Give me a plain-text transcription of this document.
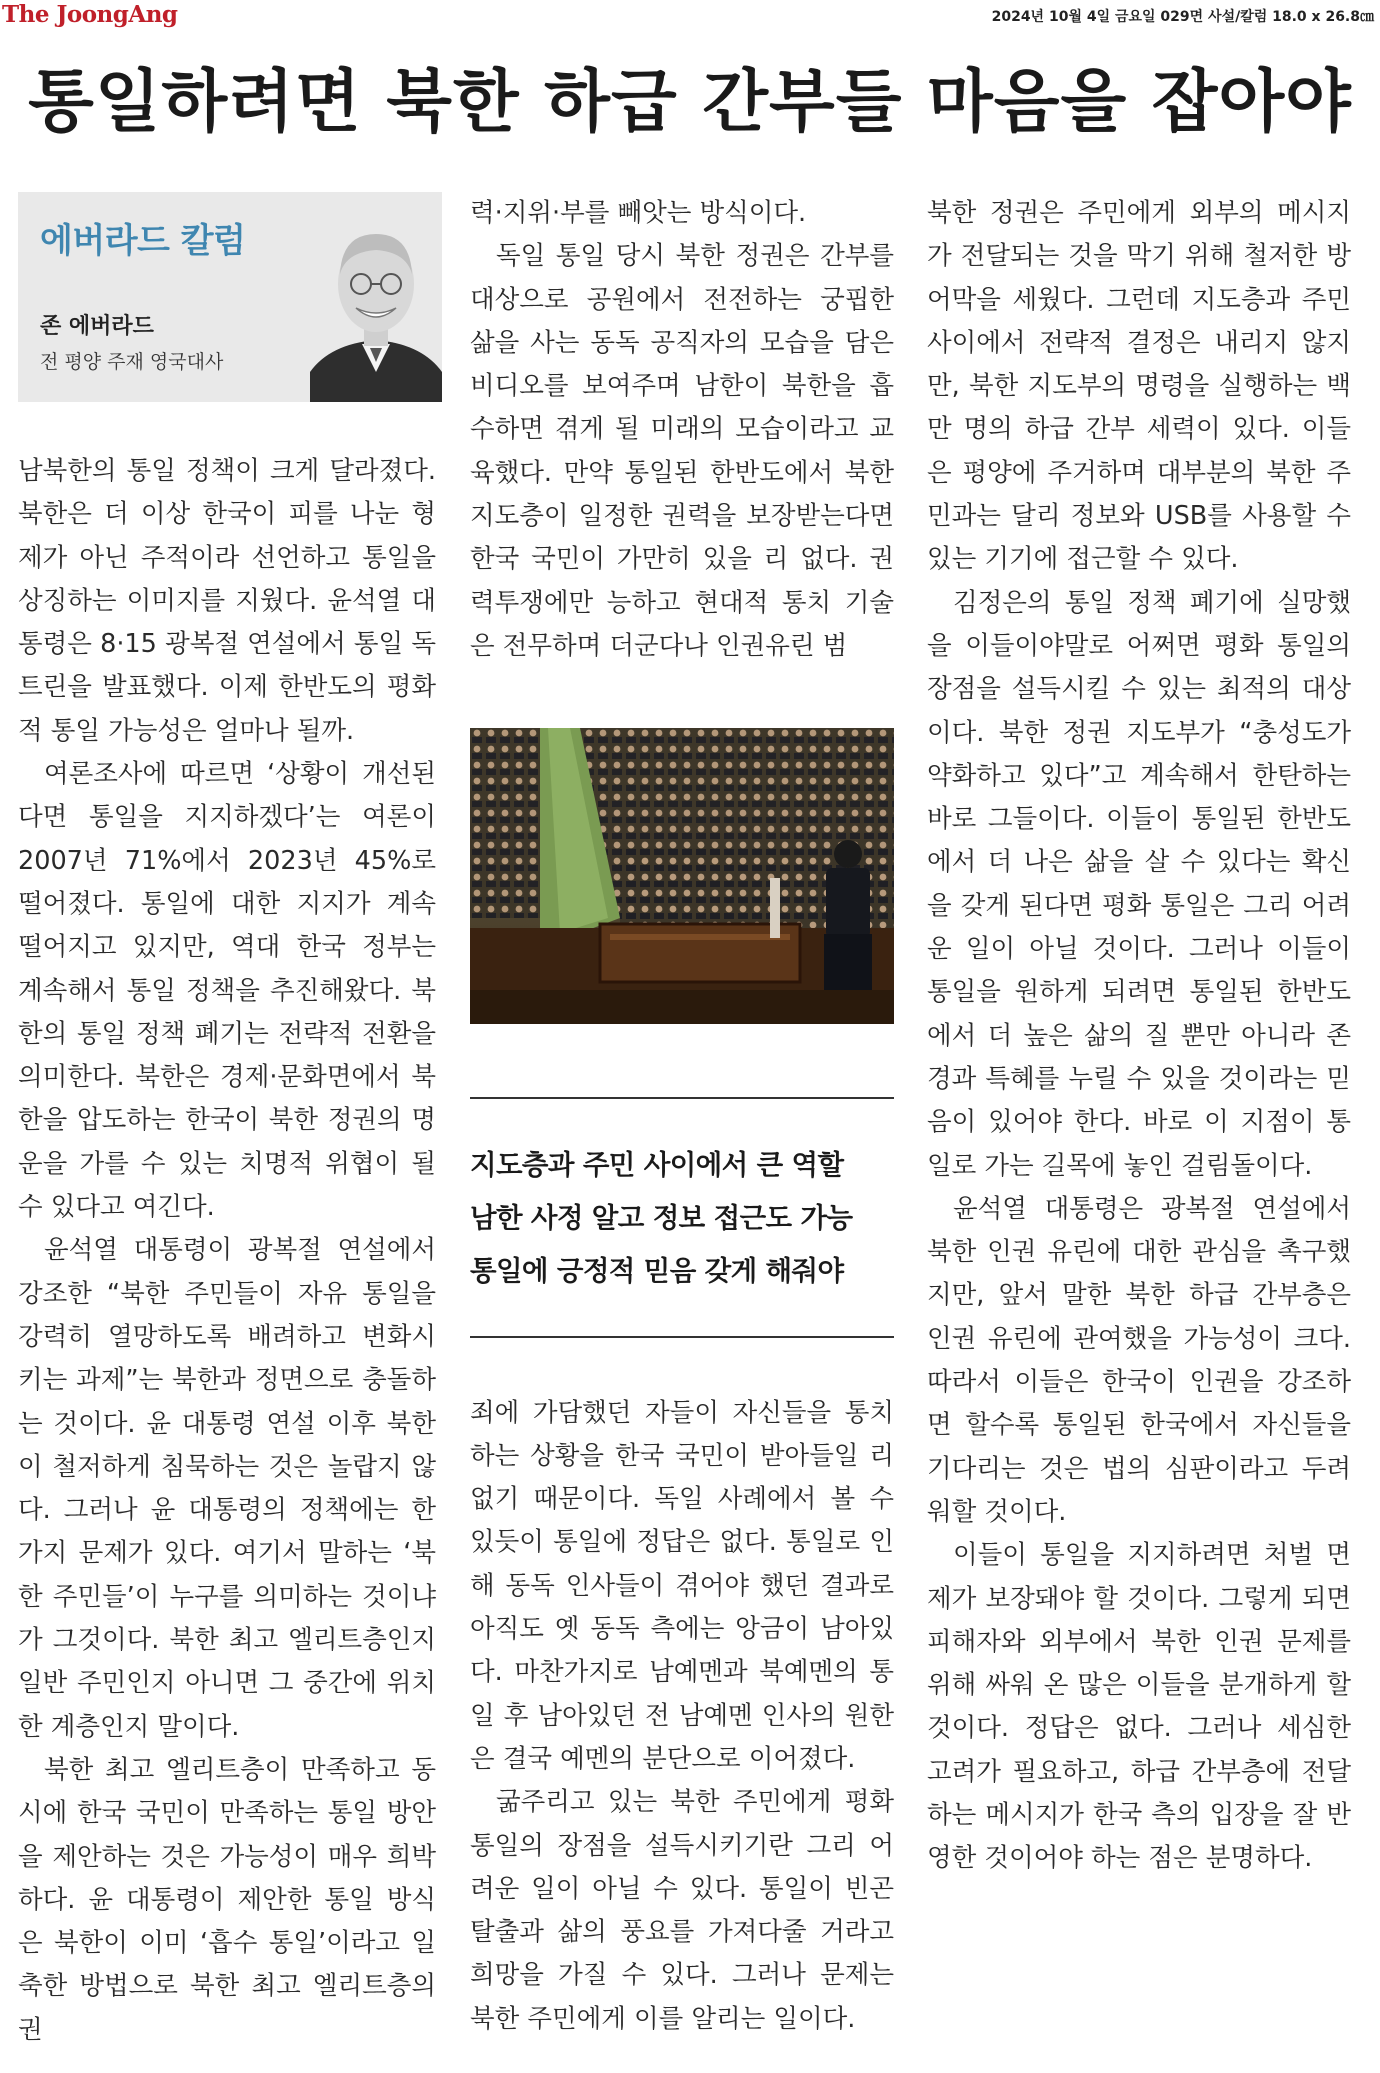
The JoongAng	2024년 10월 4일 금요일 029면 사설/칼럼 18.0 x 26.8㎝
통일하려면 북한 하급 간부들 마음을 잡아야
에버라드 칼럼
존 에버라드
전 평양 주재 영국대사

남북한의 통일 정책이 크게 달라졌다. 북한은 더 이상 한국이 피를 나눈 형제가 아닌 주적이라 선언하고 통일을 상징하는 이미지를 지웠다. 윤석열 대통령은 8·15 광복절 연설에서 통일 독트린을 발표했다. 이제 한반도의 평화적 통일 가능성은 얼마나 될까.

여론조사에 따르면 ‘상황이 개선된다면 통일을 지지하겠다’는 여론이 2007년 71%에서 2023년 45%로 떨어졌다. 통일에 대한 지지가 계속 떨어지고 있지만, 역대 한국 정부는 계속해서 통일 정책을 추진해왔다. 북한의 통일 정책 폐기는 전략적 전환을 의미한다. 북한은 경제·문화면에서 북한을 압도하는 한국이 북한 정권의 명운을 가를 수 있는 치명적 위협이 될 수 있다고 여긴다.

윤석열 대통령이 광복절 연설에서 강조한 “북한 주민들이 자유 통일을 강력히 열망하도록 배려하고 변화시키는 과제”는 북한과 정면으로 충돌하는 것이다. 윤 대통령 연설 이후 북한이 철저하게 침묵하는 것은 놀랍지 않다. 그러나 윤 대통령의 정책에는 한 가지 문제가 있다. 여기서 말하는 ‘북한 주민들’이 누구를 의미하는 것이냐가 그것이다. 북한 최고 엘리트층인지 일반 주민인지 아니면 그 중간에 위치한 계층인지 말이다.

북한 최고 엘리트층이 만족하고 동시에 한국 국민이 만족하는 통일 방안을 제안하는 것은 가능성이 매우 희박하다. 윤 대통령이 제안한 통일 방식은 북한이 이미 ‘흡수 통일’이라고 일축한 방법으로 북한 최고 엘리트층의 권

력·지위·부를 빼앗는 방식이다.

독일 통일 당시 북한 정권은 간부를 대상으로 공원에서 전전하는 궁핍한 삶을 사는 동독 공직자의 모습을 담은 비디오를 보여주며 남한이 북한을 흡수하면 겪게 될 미래의 모습이라고 교육했다. 만약 통일된 한반도에서 북한 지도층이 일정한 권력을 보장받는다면 한국 국민이 가만히 있을 리 없다. 권력투쟁에만 능하고 현대적 통치 기술은 전무하며 더군다나 인권유린 범

지도층과 주민 사이에서 큰 역할
남한 사정 알고 정보 접근도 가능
통일에 긍정적 믿음 갖게 해줘야

죄에 가담했던 자들이 자신들을 통치하는 상황을 한국 국민이 받아들일 리 없기 때문이다. 독일 사례에서 볼 수 있듯이 통일에 정답은 없다. 통일로 인해 동독 인사들이 겪어야 했던 결과로 아직도 옛 동독 측에는 앙금이 남아있다. 마찬가지로 남예멘과 북예멘의 통일 후 남아있던 전 남예멘 인사의 원한은 결국 예멘의 분단으로 이어졌다.

굶주리고 있는 북한 주민에게 평화 통일의 장점을 설득시키기란 그리 어려운 일이 아닐 수 있다. 통일이 빈곤 탈출과 삶의 풍요를 가져다줄 거라고 희망을 가질 수 있다. 그러나 문제는 북한 주민에게 이를 알리는 일이다.

북한 정권은 주민에게 외부의 메시지가 전달되는 것을 막기 위해 철저한 방어막을 세웠다. 그런데 지도층과 주민 사이에서 전략적 결정은 내리지 않지만, 북한 지도부의 명령을 실행하는 백만 명의 하급 간부 세력이 있다. 이들은 평양에 주거하며 대부분의 북한 주민과는 달리 정보와 USB를 사용할 수 있는 기기에 접근할 수 있다.

김정은의 통일 정책 폐기에 실망했을 이들이야말로 어쩌면 평화 통일의 장점을 설득시킬 수 있는 최적의 대상이다. 북한 정권 지도부가 “충성도가 약화하고 있다”고 계속해서 한탄하는 바로 그들이다. 이들이 통일된 한반도에서 더 나은 삶을 살 수 있다는 확신을 갖게 된다면 평화 통일은 그리 어려운 일이 아닐 것이다. 그러나 이들이 통일을 원하게 되려면 통일된 한반도에서 더 높은 삶의 질 뿐만 아니라 존경과 특혜를 누릴 수 있을 것이라는 믿음이 있어야 한다. 바로 이 지점이 통일로 가는 길목에 놓인 걸림돌이다.

윤석열 대통령은 광복절 연설에서 북한 인권 유린에 대한 관심을 촉구했지만, 앞서 말한 북한 하급 간부층은 인권 유린에 관여했을 가능성이 크다. 따라서 이들은 한국이 인권을 강조하면 할수록 통일된 한국에서 자신들을 기다리는 것은 법의 심판이라고 두려워할 것이다.

이들이 통일을 지지하려면 처벌 면제가 보장돼야 할 것이다. 그렇게 되면 피해자와 외부에서 북한 인권 문제를 위해 싸워 온 많은 이들을 분개하게 할 것이다. 정답은 없다. 그러나 세심한 고려가 필요하고, 하급 간부층에 전달하는 메시지가 한국 측의 입장을 잘 반영한 것이어야 하는 점은 분명하다.
